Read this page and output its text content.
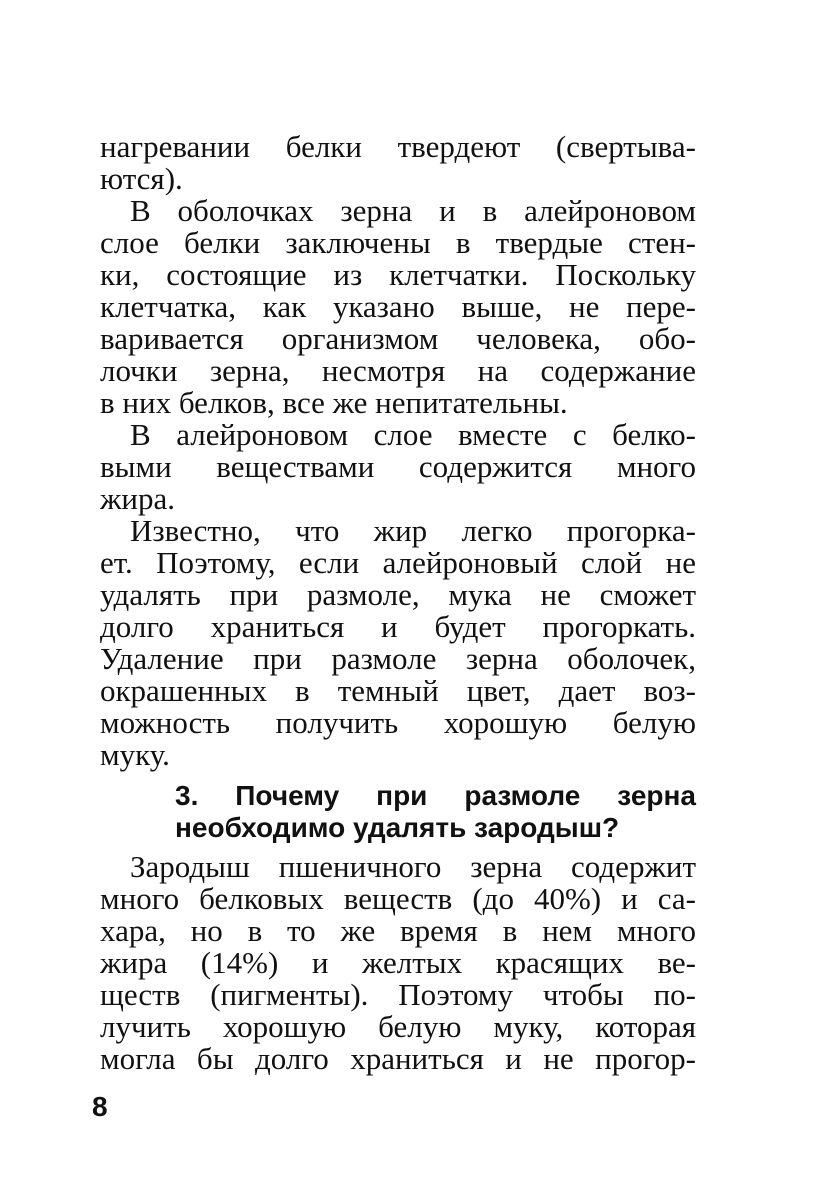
нагревании белки твердеют (свертыва-
ются).
В оболочках зерна и в алейроновом
слое белки заключены в твердые стен-
ки, состоящие из клетчатки. Поскольку
клетчатка, как указано выше, не пере-
варивается организмом человека, обо-
лочки зерна, несмотря на содержание
в них белков, все же непитательны.
В алейроновом слое вместе с белко-
выми веществами содержится много
жира.
Известно, что жир легко прогорка-
ет. Поэтому, если алейроновый слой не
удалять при размоле, мука не сможет
долго храниться и будет прогоркать.
Удаление при размоле зерна оболочек,
окрашенных в темный цвет, дает воз-
можность получить хорошую белую
муку.
3. Почему при размоле зерна
необходимо удалять зародыш?
Зародыш пшеничного зерна содержит
много белковых веществ (до 40%) и са-
хара, но в то же время в нем много
жира (14%) и желтых красящих ве-
ществ (пигменты). Поэтому чтобы по-
лучить хорошую белую муку, которая
могла бы долго храниться и не прогор-
8
